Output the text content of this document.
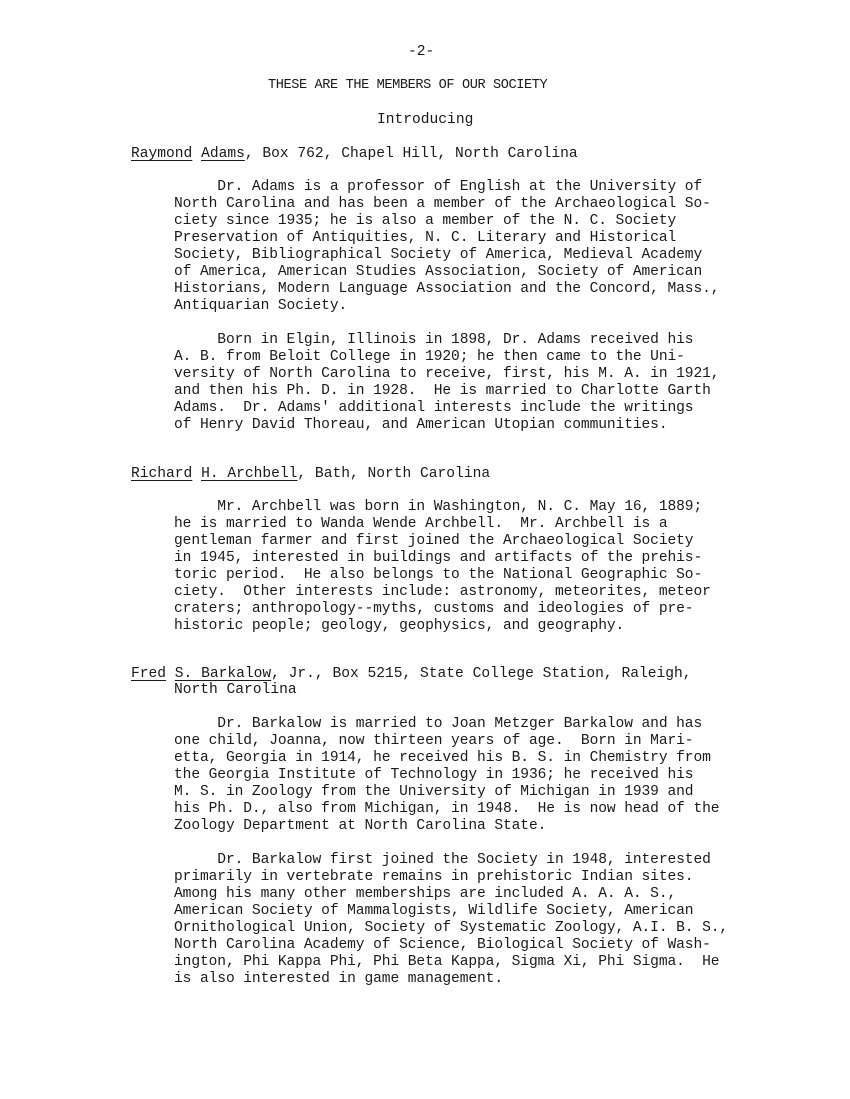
-2-
THESE ARE THE MEMBERS OF OUR SOCIETY
Introducing
Raymond Adams, Box 762, Chapel Hill, North Carolina
Dr. Adams is a professor of English at the University of
North Carolina and has been a member of the Archaeological So-
ciety since 1935; he is also a member of the N. C. Society
Preservation of Antiquities, N. C. Literary and Historical
Society, Bibliographical Society of America, Medieval Academy
of America, American Studies Association, Society of American
Historians, Modern Language Association and the Concord, Mass.,
Antiquarian Society.
Born in Elgin, Illinois in 1898, Dr. Adams received his
A. B. from Beloit College in 1920; he then came to the Uni-
versity of North Carolina to receive, first, his M. A. in 1921,
and then his Ph. D. in 1928.  He is married to Charlotte Garth
Adams.  Dr. Adams' additional interests include the writings
of Henry David Thoreau, and American Utopian communities.
Richard H. Archbell, Bath, North Carolina
Mr. Archbell was born in Washington, N. C. May 16, 1889;
he is married to Wanda Wende Archbell.  Mr. Archbell is a
gentleman farmer and first joined the Archaeological Society
in 1945, interested in buildings and artifacts of the prehis-
toric period.  He also belongs to the National Geographic So-
ciety.  Other interests include: astronomy, meteorites, meteor
craters; anthropology--myths, customs and ideologies of pre-
historic people; geology, geophysics, and geography.
Fred S. Barkalow, Jr., Box 5215, State College Station, Raleigh,
North Carolina
Dr. Barkalow is married to Joan Metzger Barkalow and has
one child, Joanna, now thirteen years of age.  Born in Mari-
etta, Georgia in 1914, he received his B. S. in Chemistry from
the Georgia Institute of Technology in 1936; he received his
M. S. in Zoology from the University of Michigan in 1939 and
his Ph. D., also from Michigan, in 1948.  He is now head of the
Zoology Department at North Carolina State.
Dr. Barkalow first joined the Society in 1948, interested
primarily in vertebrate remains in prehistoric Indian sites.
Among his many other memberships are included A. A. A. S.,
American Society of Mammalogists, Wildlife Society, American
Ornithological Union, Society of Systematic Zoology, A.I. B. S.,
North Carolina Academy of Science, Biological Society of Wash-
ington, Phi Kappa Phi, Phi Beta Kappa, Sigma Xi, Phi Sigma.  He
is also interested in game management.
